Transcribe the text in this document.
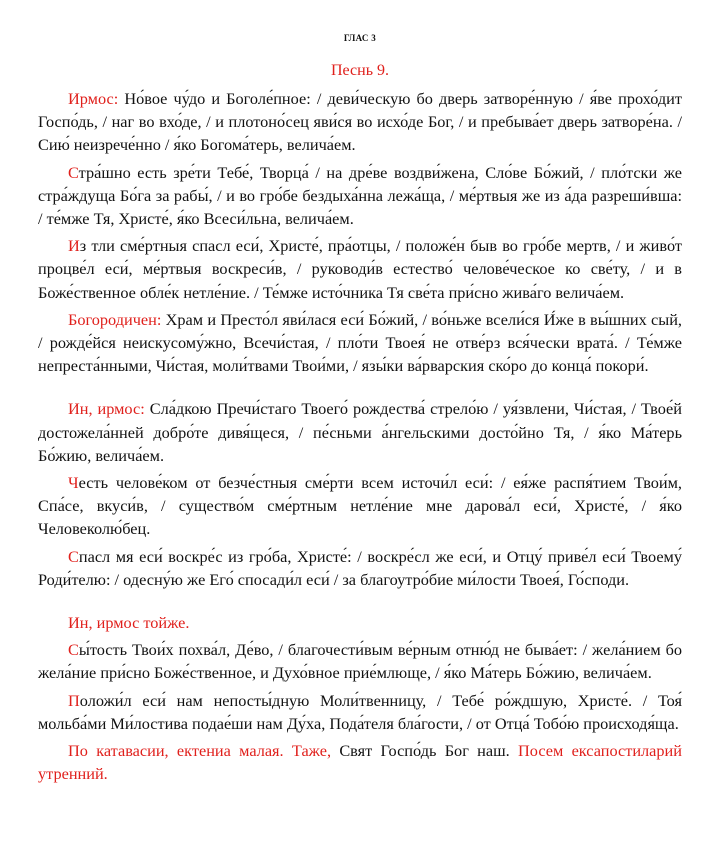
ГЛАС 3
Песнь 9.

Ирмос: Но́вое чу́до и Боголе́пное: / деви́ческую бо дверь затворе́нную / я́ве прохо́дит Госпо́дь, / наг во вхо́де, / и плотоно́сец яви́ся во исхо́де Бог, / и пребыва́ет дверь затворе́на. / Сию́ неизрече́нно / я́ко Богома́терь, велича́ем.

Стра́шно есть зре́ти Тебе́, Творца́ / на дре́ве воздви́жена, Сло́ве Бо́жий, / пло́тски же стра́ждуща Бо́га за рабы́, / и во гро́бе бездыха́нна лежа́ща, / ме́ртвыя же из а́да разреши́вша: / те́мже Тя, Христе́, я́ко Всеси́льна, велича́ем.

Из тли сме́ртныя спасл еси́, Христе́, пра́отцы, / положе́н быв во гро́бе мертв, / и живо́т процве́л еси́, ме́ртвыя воскреси́в, / руководи́в естество́ челове́ческое ко све́ту, / и в Боже́ственное обле́к нетле́ние. / Те́мже исто́чника Тя све́та при́сно жива́го велича́ем.

Богородичен: Храм и Престо́л яви́лася еси́ Бо́жий, / во́ньже всели́ся И́же в вы́шних сый, / рожде́йся неискусому́жно, Всечи́стая, / пло́ти Твоея́ не отве́рз вся́чески врата́. / Те́мже непреста́нными, Чи́стая, моли́твами Твои́ми, / язы́ки ва́рварския ско́ро до конца́ покори́.

Ин, ирмос: Сла́дкою Пречи́стаго Твоего́ рождества́ стрело́ю / уя́звлени, Чи́стая, / Твое́й достожела́нней добро́те дивя́щеся, / пе́сньми а́нгельскими досто́йно Тя, / я́ко Ма́терь Бо́жию, велича́ем.

Честь челове́ком от безче́стныя сме́рти всем источи́л еси́: / ея́же распя́тием Твои́м, Спа́се, вкуси́в, / существо́м сме́ртным нетле́ние мне дарова́л еси́, Христе́, / я́ко Человеколю́бец.

Спасл мя еси́ воскре́с из гро́ба, Христе́: / воскре́сл же еси́, и Отцу́ приве́л еси́ Твоему́ Роди́телю: / одесну́ю же Его́ спосади́л еси́ / за благоутро́бие ми́лости Твоея́, Го́споди.

Ин, ирмос тойже.

Сы́тость Твои́х похва́л, Де́во, / благочести́вым ве́рным отню́д не быва́ет: / жела́нием бо жела́ние при́сно Боже́ственное, и Духо́вное прие́млюще, / я́ко Ма́терь Бо́жию, велича́ем.

Положи́л еси́ нам непосты́дную Моли́твенницу, / Тебе́ ро́ждшую, Христе́. / Тоя́ мольба́ми Ми́лостива подае́ши нам Ду́ха, Пода́теля бла́гости, / от Отца́ Тобо́ю происходя́ща.

По катавасии, ектениа малая. Таже, Свят Госпо́дь Бог наш. Посем ексапостиларий утренний.
